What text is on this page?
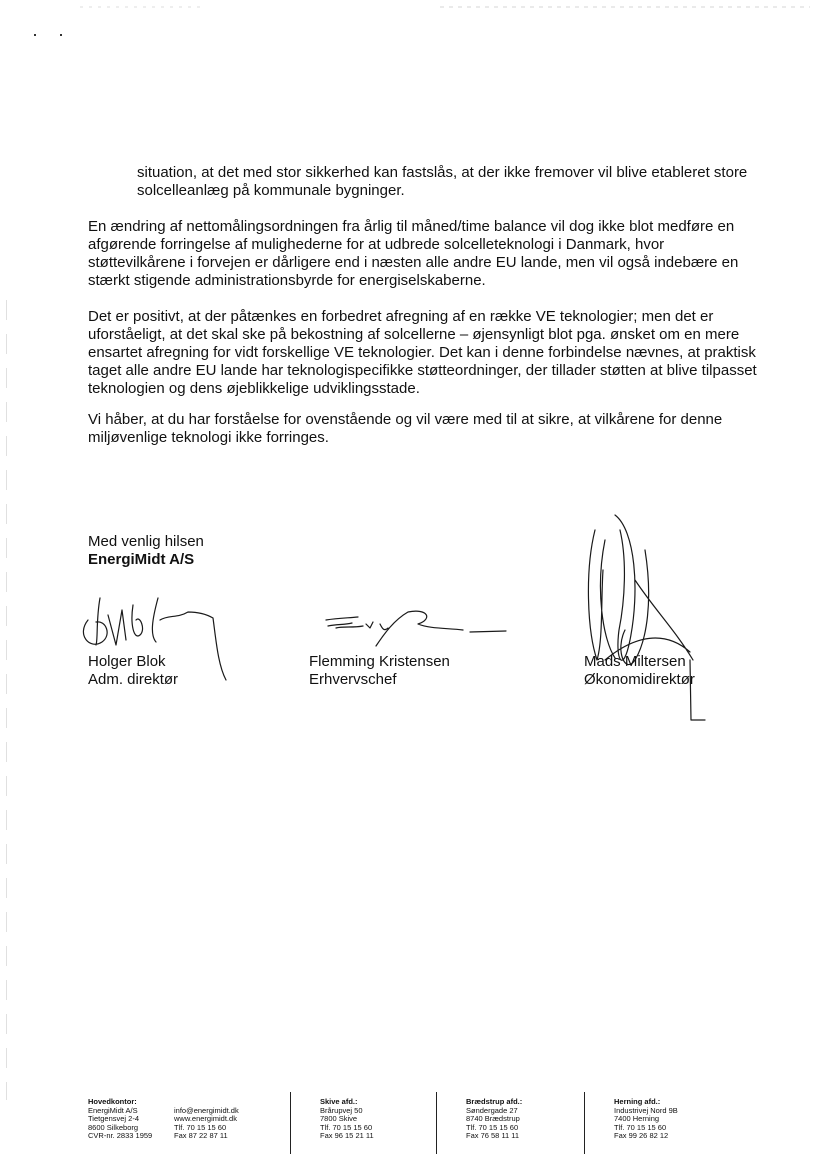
situation, at det med stor sikkerhed kan fastslås, at der ikke fremover vil blive etableret store solcelleanlæg på kommunale bygninger.

En ændring af nettomålingsordningen fra årlig til måned/time balance vil dog ikke blot medføre en afgørende forringelse af mulighederne for at udbrede solcelleteknologi i Danmark, hvor støttevilkårene i forvejen er dårligere end i næsten alle andre EU lande, men vil også indebære en stærkt stigende administrationsbyrde for energiselskaberne.

Det er positivt, at der påtænkes en forbedret afregning af en række VE teknologier; men det er uforståeligt, at det skal ske på bekostning af solcellerne – øjensynligt blot pga. ønsket om en mere ensartet afregning for vidt forskellige VE teknologier. Det kan i denne forbindelse nævnes, at praktisk taget alle andre EU lande har teknologispecifikke støtteordninger, der tillader støtten at blive tilpasset teknologien og dens øjeblikkelige udviklingsstade.

Vi håber, at du har forståelse for ovenstående og vil være med til at sikre, at vilkårene for denne miljøvenlige teknologi ikke forringes.

Med venlig hilsen
EnergiMidt A/S
Holger Blok
Adm. direktør
Flemming Kristensen
Erhvervschef
Mads Miltersen
Økonomidirektør
Hovedkontor:
EnergiMidt A/S
Tietgensvej 2-4
8600 Silkeborg
CVR-nr. 2833 1959
info@energimidt.dk
www.energimidt.dk
Tlf. 70 15 15 60
Fax 87 22 87 11
Skive afd.:
Brårupvej 50
7800 Skive
Tlf. 70 15 15 60
Fax 96 15 21 11
Brædstrup afd.:
Søndergade 27
8740 Brædstrup
Tlf. 70 15 15 60
Fax 76 58 11 11
Herning afd.:
Industrivej Nord 9B
7400 Herning
Tlf. 70 15 15 60
Fax 99 26 82 12
